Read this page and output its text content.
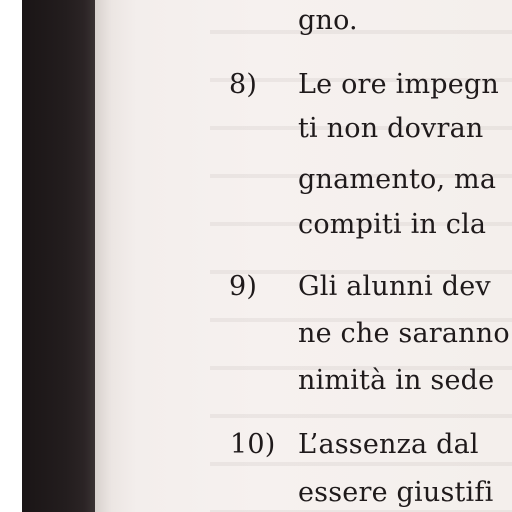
gno.
8) Le ore impegn
ti non dovran
gnamento, ma
compiti in cla
9) Gli alunni dev
ne che saranno
nimità in sede
10) L’assenza dal
essere giustifi
